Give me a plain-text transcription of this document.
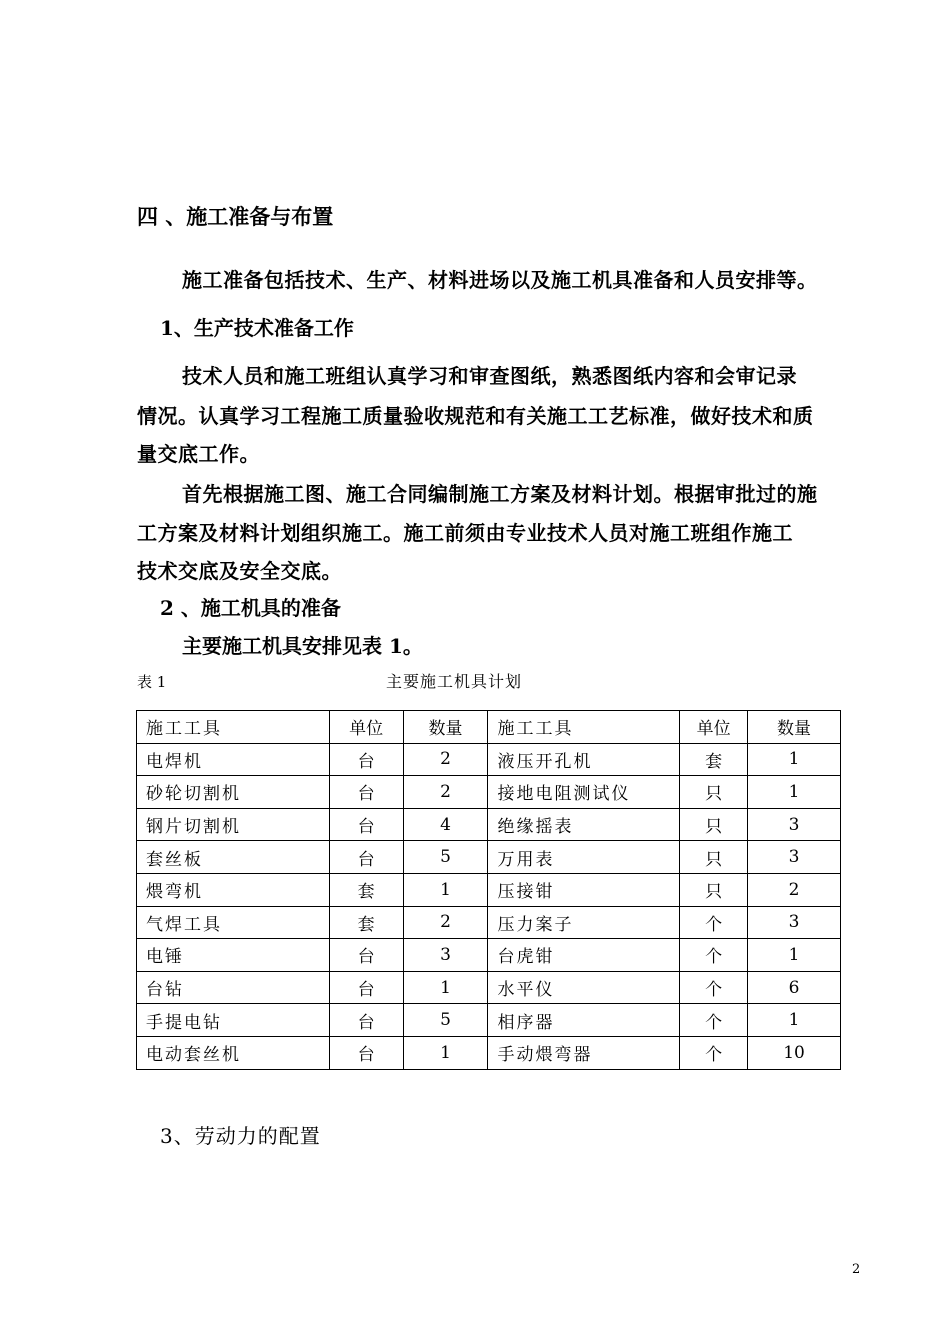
四 、施工准备与布置
施工准备包括技术、生产、材料进场以及施工机具准备和人员安排等。
1、生产技术准备工作
技术人员和施工班组认真学习和审查图纸，熟悉图纸内容和会审记录
情况。认真学习工程施工质量验收规范和有关施工工艺标准，做好技术和质
量交底工作。
首先根据施工图、施工合同编制施工方案及材料计划。根据审批过的施
工方案及材料计划组织施工。施工前须由专业技术人员对施工班组作施工
技术交底及安全交底。
2 、施工机具的准备
主要施工机具安排见表 1。
表 1	主要施工机具计划
施工工具	单位	数量	施工工具	单位	数量
电焊机	台	2	液压开孔机	套	1
砂轮切割机	台	2	接地电阻测试仪	只	1
钢片切割机	台	4	绝缘摇表	只	3
套丝板	台	5	万用表	只	3
煨弯机	套	1	压接钳	只	2
气焊工具	套	2	压力案子	个	3
电锤	台	3	台虎钳	个	1
台钻	台	1	水平仪	个	6
手提电钻	台	5	相序器	个	1
电动套丝机	台	1	手动煨弯器	个	10
3、劳动力的配置
2
